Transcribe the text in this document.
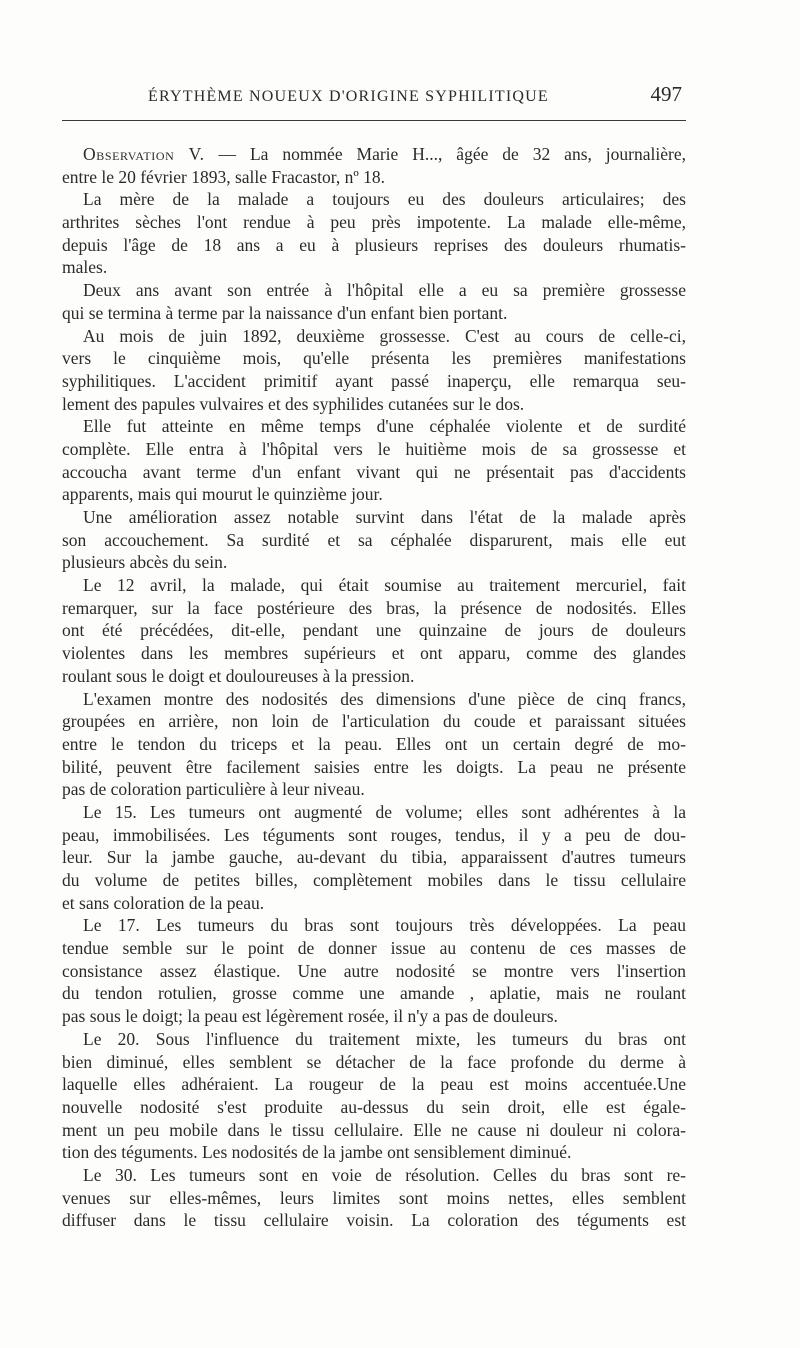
ÉRYTHÈME NOUEUX D'ORIGINE SYPHILITIQUE	497
Observation V. — La nommée Marie H..., âgée de 32 ans, journalière,
entre le 20 février 1893, salle Fracastor, nº 18.
La mère de la malade a toujours eu des douleurs articulaires; des
arthrites sèches l'ont rendue à peu près impotente. La malade elle-même,
depuis l'âge de 18 ans a eu à plusieurs reprises des douleurs rhumatis-
males.
Deux ans avant son entrée à l'hôpital elle a eu sa première grossesse
qui se termina à terme par la naissance d'un enfant bien portant.
Au mois de juin 1892, deuxième grossesse. C'est au cours de celle-ci,
vers le cinquième mois, qu'elle présenta les premières manifestations
syphilitiques. L'accident primitif ayant passé inaperçu, elle remarqua seu-
lement des papules vulvaires et des syphilides cutanées sur le dos.
Elle fut atteinte en même temps d'une céphalée violente et de surdité
complète. Elle entra à l'hôpital vers le huitième mois de sa grossesse et
accoucha avant terme d'un enfant vivant qui ne présentait pas d'accidents
apparents, mais qui mourut le quinzième jour.
Une amélioration assez notable survint dans l'état de la malade après
son accouchement. Sa surdité et sa céphalée disparurent, mais elle eut
plusieurs abcès du sein.
Le 12 avril, la malade, qui était soumise au traitement mercuriel, fait
remarquer, sur la face postérieure des bras, la présence de nodosités. Elles
ont été précédées, dit-elle, pendant une quinzaine de jours de douleurs
violentes dans les membres supérieurs et ont apparu, comme des glandes
roulant sous le doigt et douloureuses à la pression.
L'examen montre des nodosités des dimensions d'une pièce de cinq francs,
groupées en arrière, non loin de l'articulation du coude et paraissant situées
entre le tendon du triceps et la peau. Elles ont un certain degré de mo-
bilité, peuvent être facilement saisies entre les doigts. La peau ne présente
pas de coloration particulière à leur niveau.
Le 15. Les tumeurs ont augmenté de volume; elles sont adhérentes à la
peau, immobilisées. Les téguments sont rouges, tendus, il y a peu de dou-
leur. Sur la jambe gauche, au-devant du tibia, apparaissent d'autres tumeurs
du volume de petites billes, complètement mobiles dans le tissu cellulaire
et sans coloration de la peau.
Le 17. Les tumeurs du bras sont toujours très développées. La peau
tendue semble sur le point de donner issue au contenu de ces masses de
consistance assez élastique. Une autre nodosité se montre vers l'insertion
du tendon rotulien, grosse comme une amande , aplatie, mais ne roulant
pas sous le doigt; la peau est légèrement rosée, il n'y a pas de douleurs.
Le 20. Sous l'influence du traitement mixte, les tumeurs du bras ont
bien diminué, elles semblent se détacher de la face profonde du derme à
laquelle elles adhéraient. La rougeur de la peau est moins accentuée.Une
nouvelle nodosité s'est produite au-dessus du sein droit, elle est égale-
ment un peu mobile dans le tissu cellulaire. Elle ne cause ni douleur ni colora-
tion des téguments. Les nodosités de la jambe ont sensiblement diminué.
Le 30. Les tumeurs sont en voie de résolution. Celles du bras sont re-
venues sur elles-mêmes, leurs limites sont moins nettes, elles semblent
diffuser dans le tissu cellulaire voisin. La coloration des téguments est
